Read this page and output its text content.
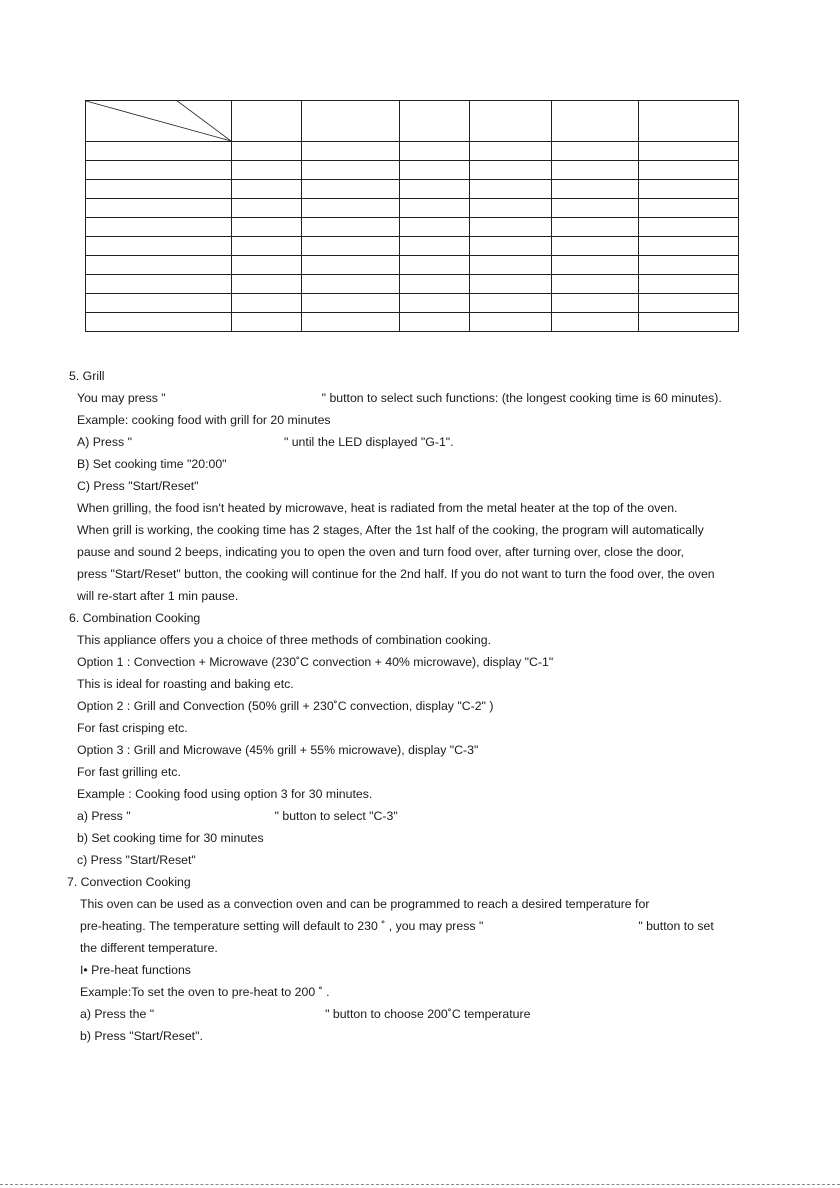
5. Grill
You may press "	" button to select such functions: (the longest cooking time is 60 minutes).
Example: cooking food with grill for 20 minutes
A) Press "	" until the LED displayed "G-1".
B) Set cooking time "20:00"
C) Press "Start/Reset"
When grilling, the food isn't heated by microwave, heat is radiated from the metal heater at the top of the oven.
When grill is working, the cooking time has 2 stages, After the 1st half of the cooking, the program will automatically
pause and sound 2 beeps, indicating you to open the oven and turn food over, after turning over, close the door,
press "Start/Reset" button, the cooking will continue for the 2nd half. If you do not want to turn the food over, the oven
will re-start after 1 min pause.
6. Combination Cooking
This appliance offers you a choice of three methods of combination cooking.
Option 1 : Convection + Microwave (230˚C convection + 40% microwave), display "C-1"
This is ideal for roasting and baking etc.
Option 2 : Grill and Convection (50% grill + 230˚C convection, display "C-2" )
For fast crisping etc.
Option 3 : Grill and Microwave (45% grill + 55% microwave), display "C-3"
For fast grilling etc.
Example : Cooking food using option 3 for 30 minutes.
a) Press "	" button to select "C-3"
b) Set cooking time for 30 minutes
c) Press "Start/Reset"
7. Convection Cooking
This oven can be used as a convection oven and can be programmed to reach a desired temperature for
pre-heating. The temperature setting will default to 230 ˚ , you may press "	" button to set
the different temperature.
I• Pre-heat functions
Example:To set the oven to pre-heat to 200 ˚ .
a) Press the "	" button to choose 200˚C temperature
b) Press "Start/Reset".
